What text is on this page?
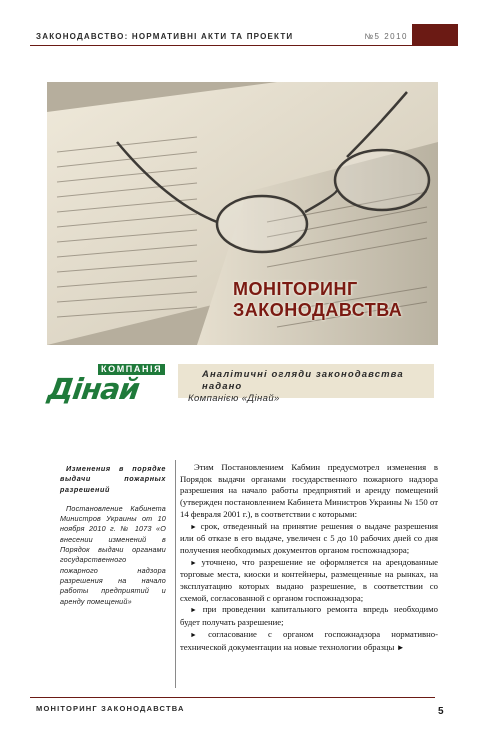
ЗАКОНОДАВСТВО: НОРМАТИВНІ АКТИ ТА ПРОЕКТИ	№5 2010
МОНІТОРИНГ
ЗАКОНОДАВСТВА
КОМПАНІЯ
Дінай	Аналітичні огляди законодавства надано
Компанією «Дінай»

Изменения в порядке выдачи пожарных разрешений

Постановление Кабинета Министров Украины от 10 ноября 2010 г. № 1073 «О внесении изменений в Порядок выдачи органами государственного пожарного надзора разрешения на начало работы предприятий и аренду помещений»

Этим Постановлением Кабмин предусмотрел изменения в Порядок выдачи органами государственного пожарного надзора разрешения на начало работы предприятий и аренду помещений (утвержден постановлением Кабинета Министров Украины № 150 от 14 февраля 2001 г.), в соответствии с которыми:

► срок, отведенный на принятие решения о выдаче разрешения или об отказе в его выдаче, увеличен с 5 до 10 рабочих дней со дня получения необходимых документов органом госпожнадзора;

► уточнено, что разрешение не оформляется на арендованные торговые места, киоски и контейнеры, размещенные на рынках, на эксплуатацию которых выдано разрешение, в соответствии со схемой, согласованной с органом госпожнадзора;

► при проведении капитального ремонта впредь необходимо будет получать разрешение;

► согласование с органом госпожнадзора нормативно-технической документации на новые технологии образцы ►

МОНІТОРИНГ ЗАКОНОДАВСТВА	5
